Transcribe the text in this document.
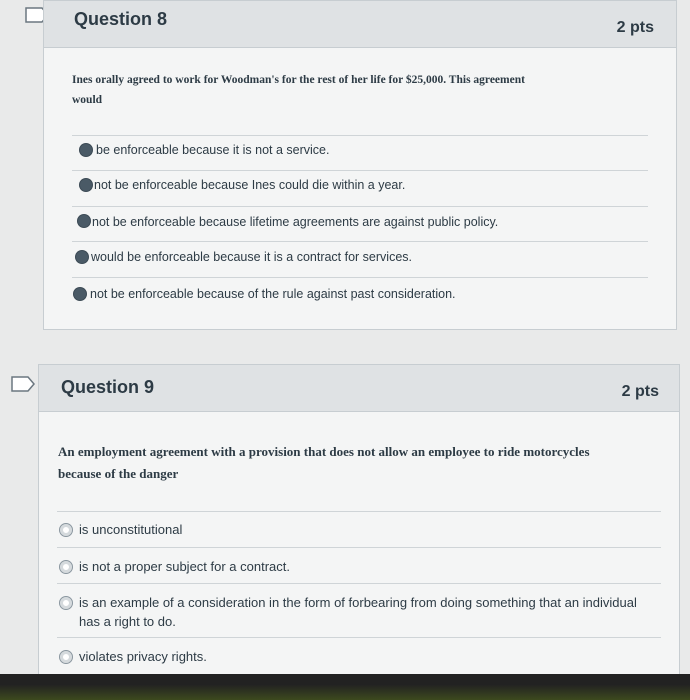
Question 8	2 pts
Ines orally agreed to work for Woodman's for the rest of her life for $25,000. This agreement
would
be enforceable because it is not a service.
not be enforceable because Ines could die within a year.
not be enforceable because lifetime agreements are against public policy.
would be enforceable because it is a contract for services.
not be enforceable because of the rule against past consideration.
Question 9	2 pts
An employment agreement with a provision that does not allow an employee to ride motorcycles
because of the danger
is unconstitutional
is not a proper subject for a contract.
is an example of a consideration in the form of forbearing from doing something that an individual
has a right to do.
violates privacy rights.
